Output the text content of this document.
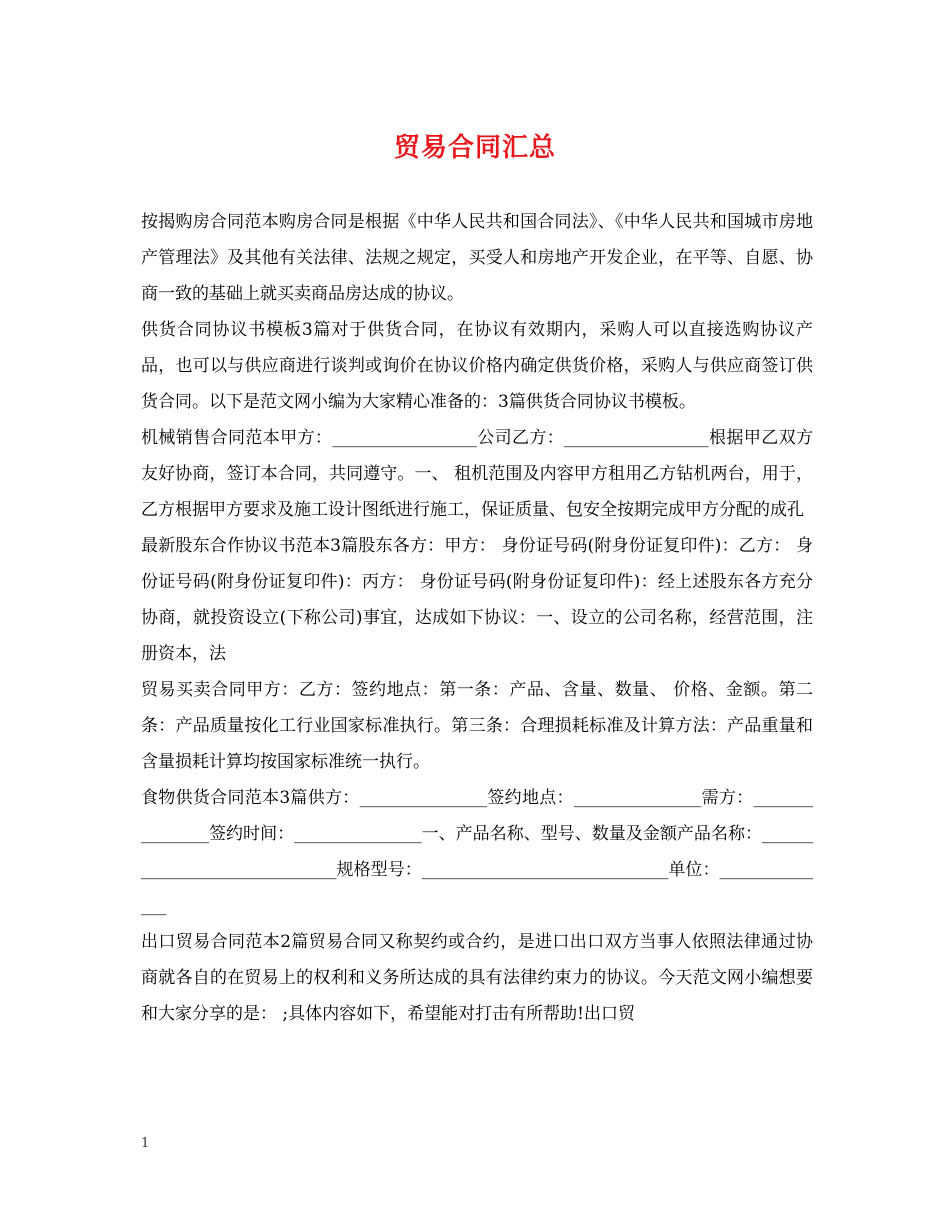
贸易合同汇总

按揭购房合同范本购房合同是根据《中华人民共和国合同法》、《中华人民共和国城市房地产管理法》及其他有关法律、法规之规定，买受人和房地产开发企业，在平等、自愿、协商一致的基础上就买卖商品房达成的协议。

供货合同协议书模板3篇对于供货合同，在协议有效期内，采购人可以直接选购协议产品，也可以与供应商进行谈判或询价在协议价格内确定供货价格，采购人与供应商签订供货合同。以下是范文网小编为大家精心准备的：3篇供货合同协议书模板。

机械销售合同范本甲方：_________________公司乙方：_________________根据甲乙双方友好协商，签订本合同，共同遵守。一、 租机范围及内容甲方租用乙方钻机两台，用于，乙方根据甲方要求及施工设计图纸进行施工，保证质量、包安全按期完成甲方分配的成孔

最新股东合作协议书范本3篇股东各方：甲方： 身份证号码(附身份证复印件)：乙方： 身份证号码(附身份证复印件)：丙方： 身份证号码(附身份证复印件)：经上述股东各方充分协商，就投资设立(下称公司)事宜，达成如下协议：一、设立的公司名称，经营范围，注册资本，法

贸易买卖合同甲方：乙方：签约地点：第一条：产品、含量、数量、 价格、金额。第二条：产品质量按化工行业国家标准执行。第三条：合理损耗标准及计算方法：产品重量和含量损耗计算均按国家标准统一执行。

食物供货合同范本3篇供方：_______________签约地点：_______________需方：_______________签约时间：_______________一、产品名称、型号、数量及金额产品名称：_____________________________规格型号：_____________________________单位：______________

出口贸易合同范本2篇贸易合同又称契约或合约，是进口出口双方当事人依照法律通过协商就各自的在贸易上的权利和义务所达成的具有法律约束力的协议。今天范文网小编想要和大家分享的是： ;具体内容如下，希望能对打击有所帮助!出口贸

1
